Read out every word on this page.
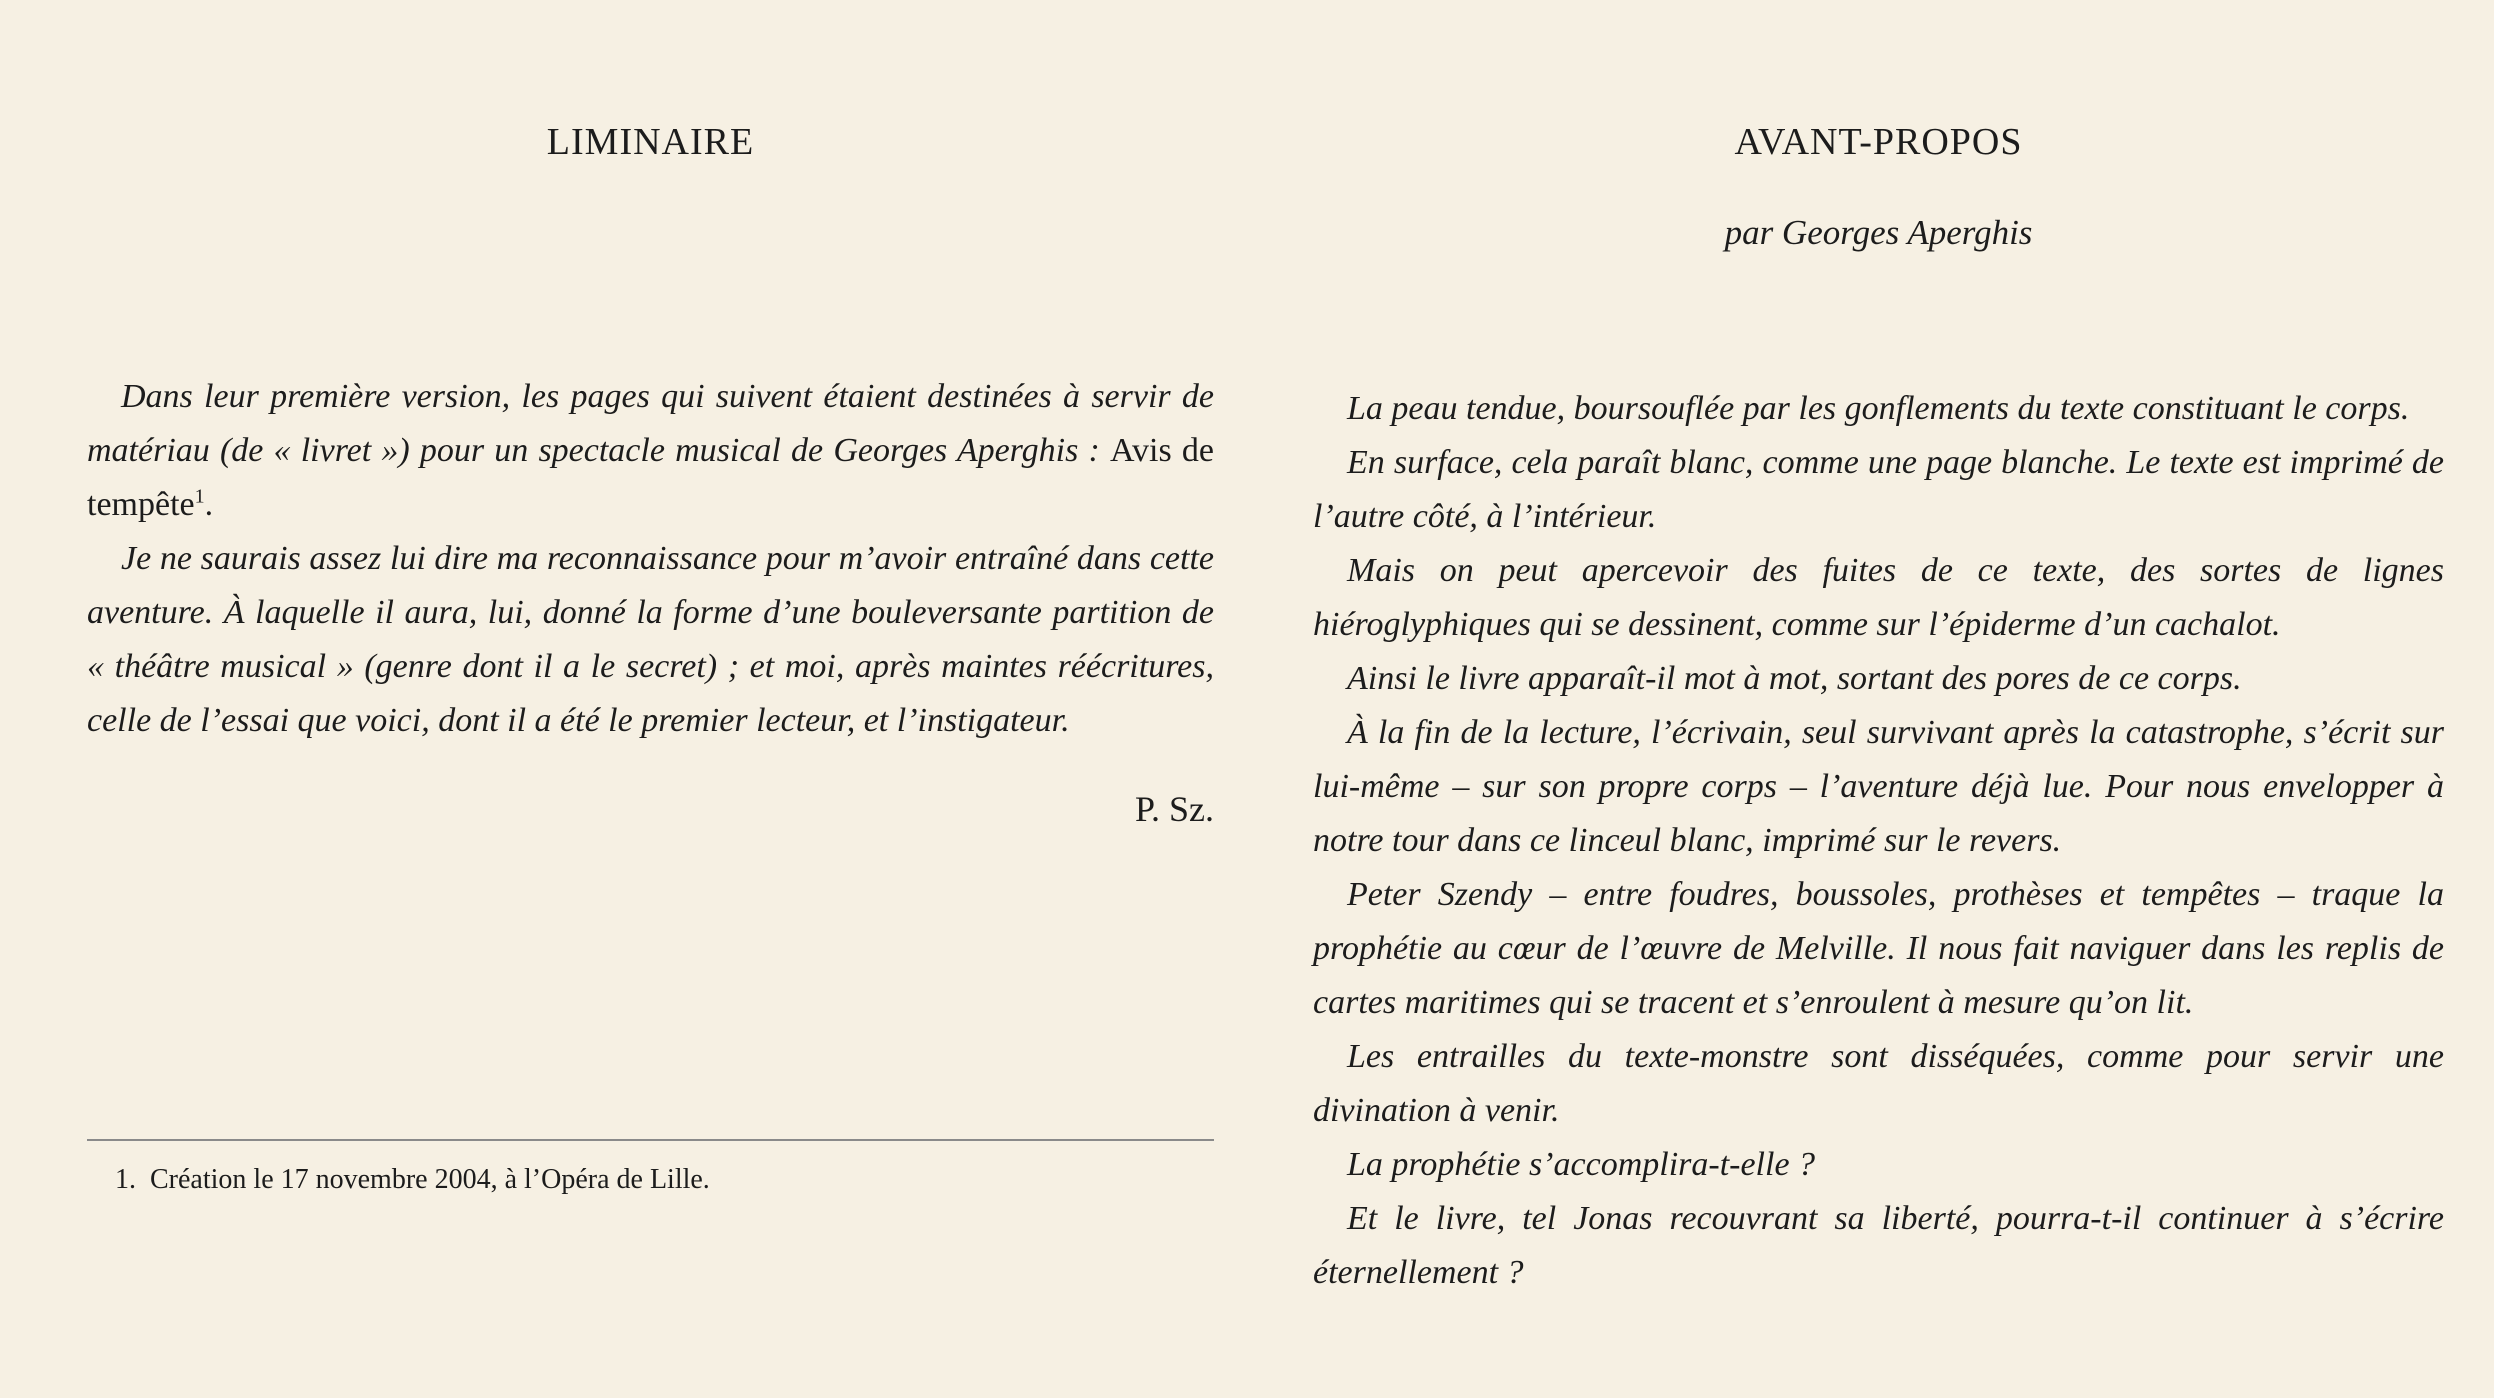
LIMINAIRE

Dans leur première version, les pages qui suivent étaient destinées à servir de matériau (de « livret ») pour un spectacle musical de Georges Aperghis : Avis de tempête$^1$.

Je ne saurais assez lui dire ma reconnaissance pour m’avoir entraîné dans cette aventure. À laquelle il aura, lui, donné la forme d’une bouleversante partition de « théâtre musical » (genre dont il a le secret) ; et moi, après maintes réécritures, celle de l’essai que voici, dont il a été le premier lecteur, et l’instigateur.

P. Sz.
1. Création le 17 novembre 2004, à l’Opéra de Lille.
AVANT-PROPOS
par Georges Aperghis

La peau tendue, boursouflée par les gonflements du texte constituant le corps.

En surface, cela paraît blanc, comme une page blanche. Le texte est imprimé de l’autre côté, à l’intérieur.

Mais on peut apercevoir des fuites de ce texte, des sortes de lignes hiéroglyphiques qui se dessinent, comme sur l’épiderme d’un cachalot.

Ainsi le livre apparaît-il mot à mot, sortant des pores de ce corps.

À la fin de la lecture, l’écrivain, seul survivant après la catastrophe, s’écrit sur lui-même – sur son propre corps – l’aventure déjà lue. Pour nous envelopper à notre tour dans ce linceul blanc, imprimé sur le revers.

Peter Szendy – entre foudres, boussoles, prothèses et tempêtes – traque la prophétie au cœur de l’œuvre de Melville. Il nous fait naviguer dans les replis de cartes maritimes qui se tracent et s’enroulent à mesure qu’on lit.

Les entrailles du texte-monstre sont disséquées, comme pour servir une divination à venir.

La prophétie s’accomplira-t-elle ?

Et le livre, tel Jonas recouvrant sa liberté, pourra-t-il continuer à s’écrire éternellement ?
